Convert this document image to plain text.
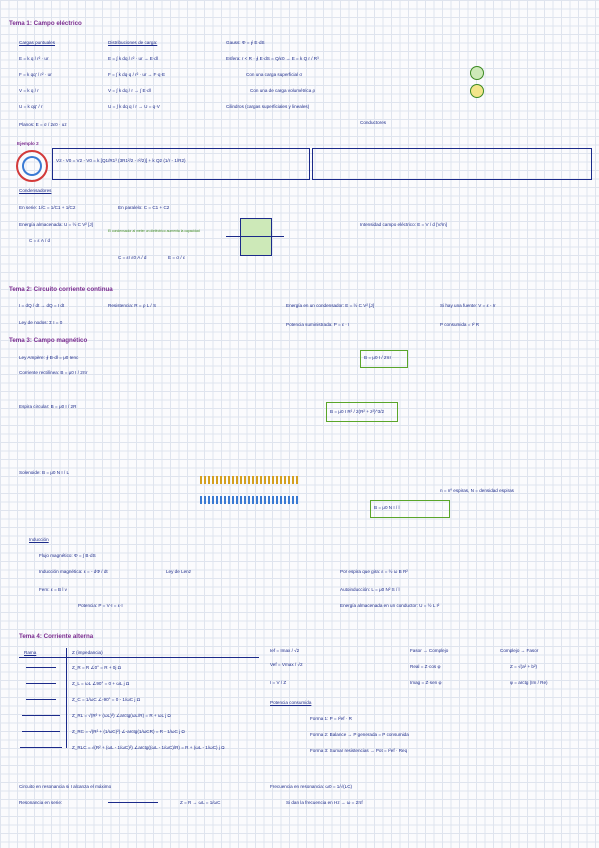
Tema 1: Campo eléctrico
Cargas puntuales
E = k q / r² · ur
F = k qq' / r² · ur
V = k q / r
U = k qq' / r
Distribuciones de carga:
E = ∫ k dq / r² · ur → E·dl
F = ∫ k dq·q / r² · ur → F·q·E
V = ∫ k dq / r → ∫ E·dl
U = ∫ k dq q / r → U = q·V
Gauss: Φ = ∮ E·dS
Esfera: r < R · ∮ E·dS = Q/ε0 → E = k Q r / R³
Con una carga superficial σ
Con una de carga volumétrica ρ
Cilindros (cargas superficiales y lineales)
Conductores
Planos: E = σ / 2ε0 · uz
Ejemplo 2
V2 - V0 = V2 - V0 = k [Q1/R1³ (3R1²/2 - r²/2)] + k Q2 (1/r - 1/R2)
Condensadores
En serie: 1/C = 1/C1 + 1/C2	En paralelo: C = C1 + C2
Energía almacenada: U = ½ C V² [J]
C = ε A / d
El condensador al meter un dieléctrico aumenta la capacidad
C = εr ε0 A / d	E = σ / ε
Intensidad campo eléctrico: E = V / d [V/m]
Tema 2: Circuito corriente continua
I = dQ / dt → dQ = I dt
Ley de nodos: Σ I = 0
Resistencia: R = ρ L / S	Energía en un condensador: E = ½ C V² [J]	Si hay una fuente: V = ε - Ir
Potencia suministrada: P = ε · I	P consumida = I² R
Tema 3: Campo magnético
Ley Ampère: ∮ B·dl = μ0 Ienc	B = μ0 I / 2πr
Corriente rectilínea: B = μ0 I / 2πr
Espira circular: B = μ0 I / 2R
B = μ0 I R² / 2(R² + z²)^3/2
Solenoide: B = μ0 N I / L
B = μ0 N I / l
n = nº espiras, N = densidad espiras
Inducción
Flujo magnético: Φ = ∫ B·dS
Inducción magnética: ε = - dΦ / dt	Ley de Lenz
Fem: ε = B l v
Por espira que gira: ε = ½ ω B R²
Autoinducción: L = μ0 N² S / l
Potencia: P = V·I = ε·I	Energía almacenada en un conductor: U = ½ L I²
Tema 4: Corriente alterna
Rama	Z (impedancia)
Z_R = R ∠0° = R + 0j Ω
Z_L = ωL ∠90° = 0 + ωL j Ω
Z_C = 1/ωC ∠-90° = 0 - 1/ωC j Ω
Z_RL = √(R² + (ωL)²) ∠arctg(ωL/R) = R + ωL j Ω
Z_RC = √(R² + (1/ωC)²) ∠-arctg(1/ωCR) = R - 1/ωC j Ω
Z_RLC = √(R² + (ωL - 1/ωC)²) ∠arctg((ωL - 1/ωC)/R) = R + (ωL - 1/ωC) j Ω
Vef = Vmax / √2
Ief = Imax / √2
I = V / Z
Fasor → Complejo
Real = Z·cos φ
Imag = Z·sen φ
Complejo → Fasor
Z = √(a² + b²)
φ = arctg (Im / Re)
Potencia consumida
Forma 1: P = I²ef · R
Forma 2: Balance → P generada = P consumida
Forma 3: Sumar resistencias → Pot = I²ef · Req
Circuito en resonancia si I alcanza el máximo	Frecuencia en resonancia: ω0 = 1/√(LC)
Resonancia en serie:	Z = R → ωL = 1/ωC	Si dan la frecuencia en Hz → ω = 2πf
